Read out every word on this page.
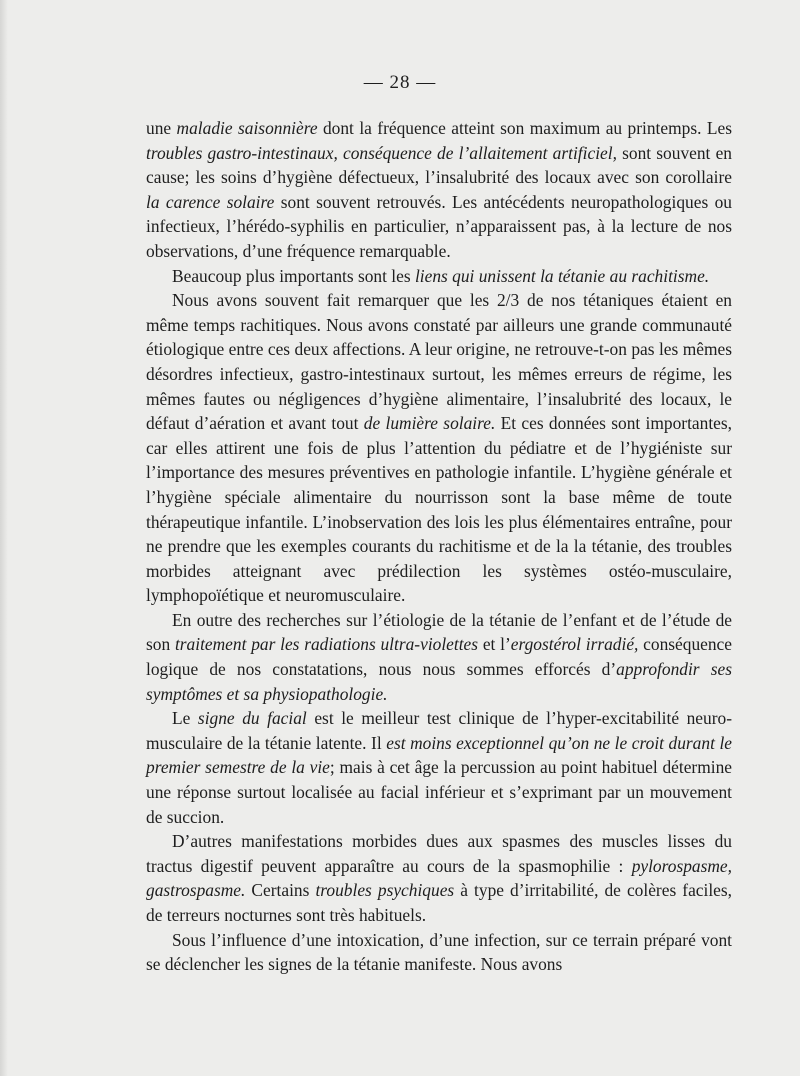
— 28 —

une maladie saisonnière dont la fréquence atteint son maximum au printemps. Les troubles gastro-intestinaux, conséquence de l’allaitement artificiel, sont souvent en cause; les soins d’hygiène défectueux, l’insalubrité des locaux avec son corollaire la carence solaire sont souvent retrouvés. Les antécédents neuropathologiques ou infectieux, l’hérédo-syphilis en particulier, n’apparaissent pas, à la lecture de nos observations, d’une fréquence remarquable.

Beaucoup plus importants sont les liens qui unissent la tétanie au rachitisme.

Nous avons souvent fait remarquer que les 2/3 de nos tétaniques étaient en même temps rachitiques. Nous avons constaté par ailleurs une grande communauté étiologique entre ces deux affections. A leur origine, ne retrouve-t-on pas les mêmes désordres infectieux, gastro-intestinaux surtout, les mêmes erreurs de régime, les mêmes fautes ou négligences d’hygiène alimentaire, l’insalubrité des locaux, le défaut d’aération et avant tout de lumière solaire. Et ces données sont importantes, car elles attirent une fois de plus l’attention du pédiatre et de l’hygiéniste sur l’importance des mesures préventives en pathologie infantile. L’hygiène générale et l’hygiène spéciale alimentaire du nourrisson sont la base même de toute thérapeutique infantile. L’inobservation des lois les plus élémentaires entraîne, pour ne prendre que les exemples courants du rachitisme et de la la tétanie, des troubles morbides atteignant avec prédilection les systèmes ostéo-musculaire, lymphopoïétique et neuromusculaire.

En outre des recherches sur l’étiologie de la tétanie de l’enfant et de l’étude de son traitement par les radiations ultra-violettes et l’ergostérol irradié, conséquence logique de nos constatations, nous nous sommes efforcés d’approfondir ses symptômes et sa physiopathologie.

Le signe du facial est le meilleur test clinique de l’hyper-excitabilité neuro-musculaire de la tétanie latente. Il est moins exceptionnel qu’on ne le croit durant le premier semestre de la vie; mais à cet âge la percussion au point habituel détermine une réponse surtout localisée au facial inférieur et s’exprimant par un mouvement de succion.

D’autres manifestations morbides dues aux spasmes des muscles lisses du tractus digestif peuvent apparaître au cours de la spasmophilie : pylorospasme, gastrospasme. Certains troubles psychiques à type d’irritabilité, de colères faciles, de terreurs nocturnes sont très habituels.

Sous l’influence d’une intoxication, d’une infection, sur ce terrain préparé vont se déclencher les signes de la tétanie manifeste. Nous avons
